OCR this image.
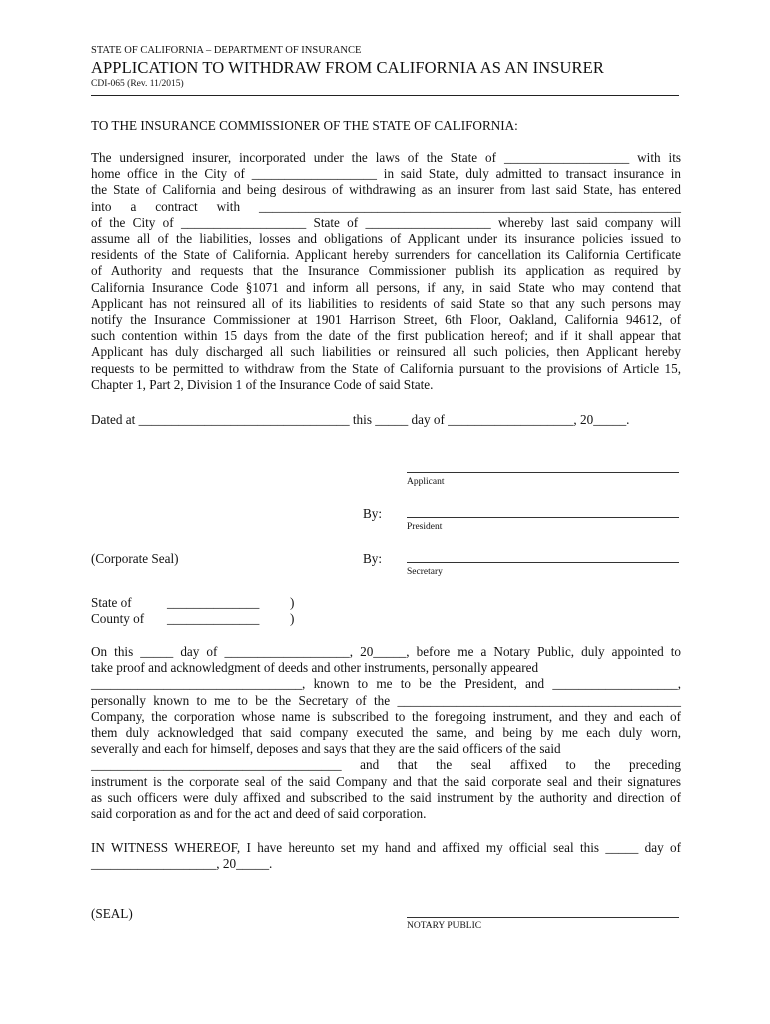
STATE OF CALIFORNIA – DEPARTMENT OF INSURANCE
APPLICATION TO WITHDRAW FROM CALIFORNIA AS AN INSURER
CDI-065 (Rev. 11/2015)
TO THE INSURANCE COMMISSIONER OF THE STATE OF CALIFORNIA:
The undersigned insurer, incorporated under the laws of the State of ___________________ with its
home office in the City of ___________________ in said State, duly admitted to transact insurance in
the State of California and being desirous of withdrawing as an insurer from last said State, has entered
into a contract with ________________________________________________________________
of the City of ___________________ State of ___________________ whereby last said company will
assume all of the liabilities, losses and obligations of Applicant under its insurance policies issued to
residents of the State of California. Applicant hereby surrenders for cancellation its California Certificate
of Authority and requests that the Insurance Commissioner publish its application as required by
California Insurance Code §1071 and inform all persons, if any, in said State who may contend that
Applicant has not reinsured all of its liabilities to residents of said State so that any such persons may
notify the Insurance Commissioner at 1901 Harrison Street, 6th Floor, Oakland, California 94612, of
such contention within 15 days from the date of the first publication hereof; and if it shall appear that
Applicant has duly discharged all such liabilities or reinsured all such policies, then Applicant hereby
requests to be permitted to withdraw from the State of California pursuant to the provisions of Article 15,
Chapter 1, Part 2, Division 1 of the Insurance Code of said State.
Dated at ________________________________ this _____ day of ___________________, 20_____.
Applicant
By:
President
(Corporate Seal)	By:
Secretary
State of	______________ )
County of ______________ )
On this _____ day of ___________________, 20_____, before me a Notary Public, duly appointed to
take proof and acknowledgment of deeds and other instruments, personally appeared
________________________________, known to me to be the President, and ___________________,
personally known to me to be the Secretary of the ___________________________________________
Company, the corporation whose name is subscribed to the foregoing instrument, and they and each of
them duly acknowledged that said company executed the same, and being by me each duly worn,
severally and each for himself, deposes and says that they are the said officers of the said
______________________________________ and that the seal affixed to the preceding
instrument is the corporate seal of the said Company and that the said corporate seal and their signatures
as such officers were duly affixed and subscribed to the said instrument by the authority and direction of
said corporation as and for the act and deed of said corporation.
IN WITNESS WHEREOF, I have hereunto set my hand and affixed my official seal this _____ day of
___________________, 20_____.
(SEAL)
NOTARY PUBLIC
